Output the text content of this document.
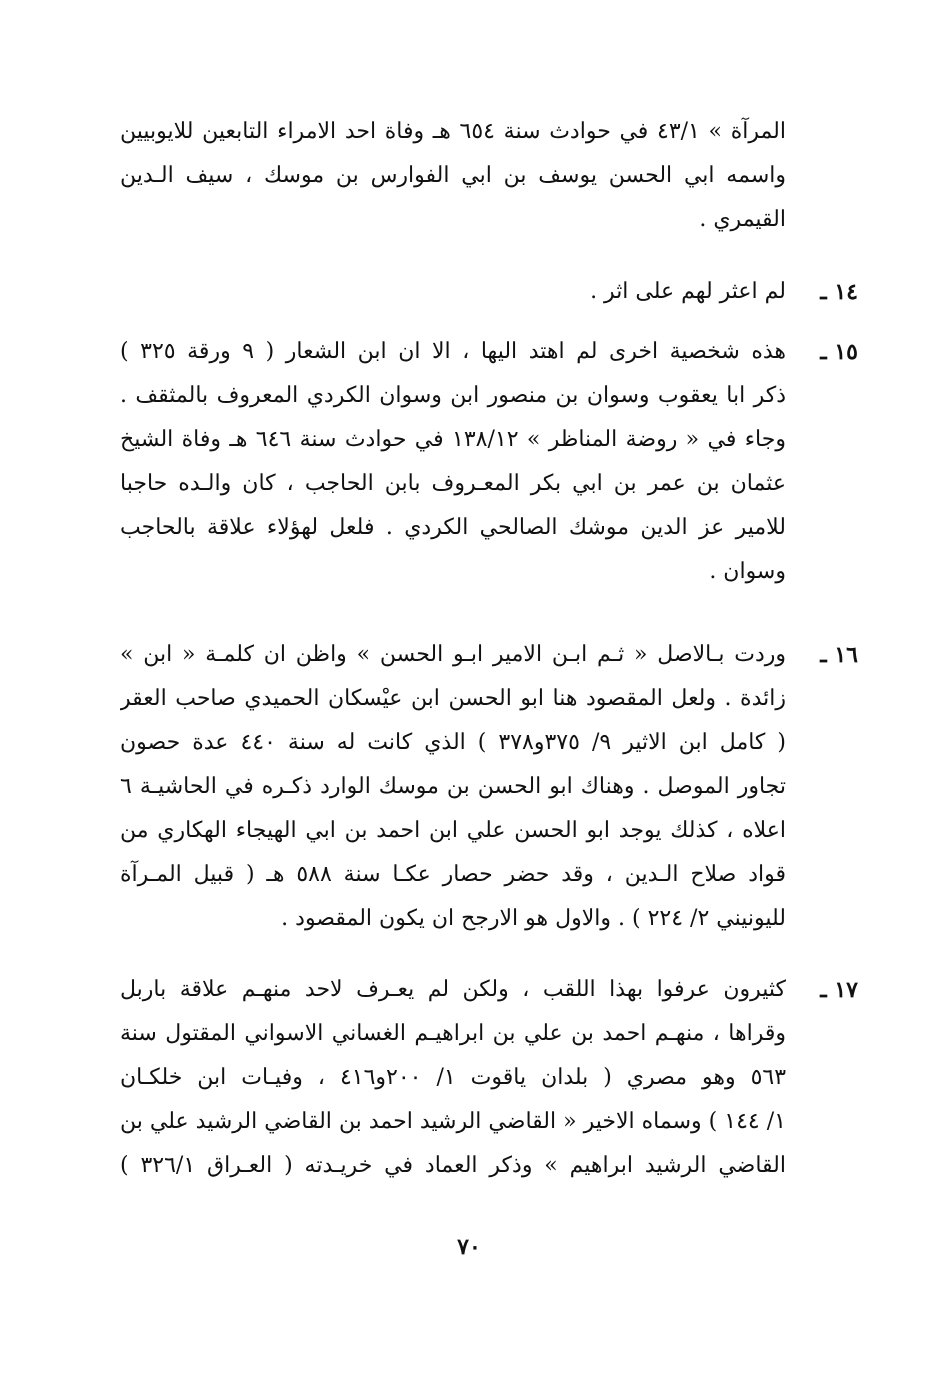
المرآة » ٤٣/١ في حوادث سنة ٦٥٤ هـ وفاة احد الامراء التابعين للايوبيين
واسمه ابي الحسن يوسف بن ابي الفوارس بن موسك ، سيف الـدين
القيمري .
١٤ ـ
لم اعثر لهم على اثر .
١٥ ـ
هذه شخصية اخرى لم اهتد اليها ، الا ان ابن الشعار ( ٩ ورقة ٣٢٥ )
ذكر ابا يعقوب وسوان بن منصور ابن وسوان الكردي المعروف بالمثقف .
وجاء في « روضة المناظر » ١٣٨/١٢ في حوادث سنة ٦٤٦ هـ وفاة الشيخ
عثمان بن عمر بن ابي بكر المعـروف بابن الحاجب ، كان والـده حاجبا
للامير عز الدين موشك الصالحي الكردي . فلعل لهؤلاء علاقة بالحاجب
وسوان .
١٦ ـ
وردت بـالاصل « ثـم ابـن الامير ابـو الحسن » واظن ان كلمـة « ابن »
زائدة . ولعل المقصود هنا ابو الحسن ابن عيْسكان الحميدي صاحب العقر
( كامل ابن الاثير ٩/ ٣٧٥و٣٧٨ ) الذي كانت له سنة ٤٤٠ عدة حصون
تجاور الموصل . وهناك ابو الحسن بن موسك الوارد ذكـره في الحاشيـة ٦
اعلاه ، كذلك يوجد ابو الحسن علي ابن احمد بن ابي الهيجاء الهكاري من
قواد صلاح الـدين ، وقد حضر حصار عكـا سنة ٥٨٨ هـ ( قبيل المـرآة
لليونيني ٢/ ٢٢٤ ) . والاول هو الارجح ان يكون المقصود .
١٧ ـ
كثيرون عرفوا بهذا اللقب ، ولكن لم يعـرف لاحد منهـم علاقة باربل
وقراها ، منهـم احمد بن علي بن ابراهيـم الغساني الاسواني المقتول سنة
٥٦٣ وهو مصري ( بلدان ياقوت ١/ ٢٠٠و٤١٦ ، وفيـات ابن خلكـان
١/ ١٤٤ ) وسماه الاخير « القاضي الرشيد احمد بن القاضي الرشيد علي بن
القاضي الرشيد ابراهيم » وذكر العماد في خريـدته ( العـراق ٣٢٦/١ )
٧٠
